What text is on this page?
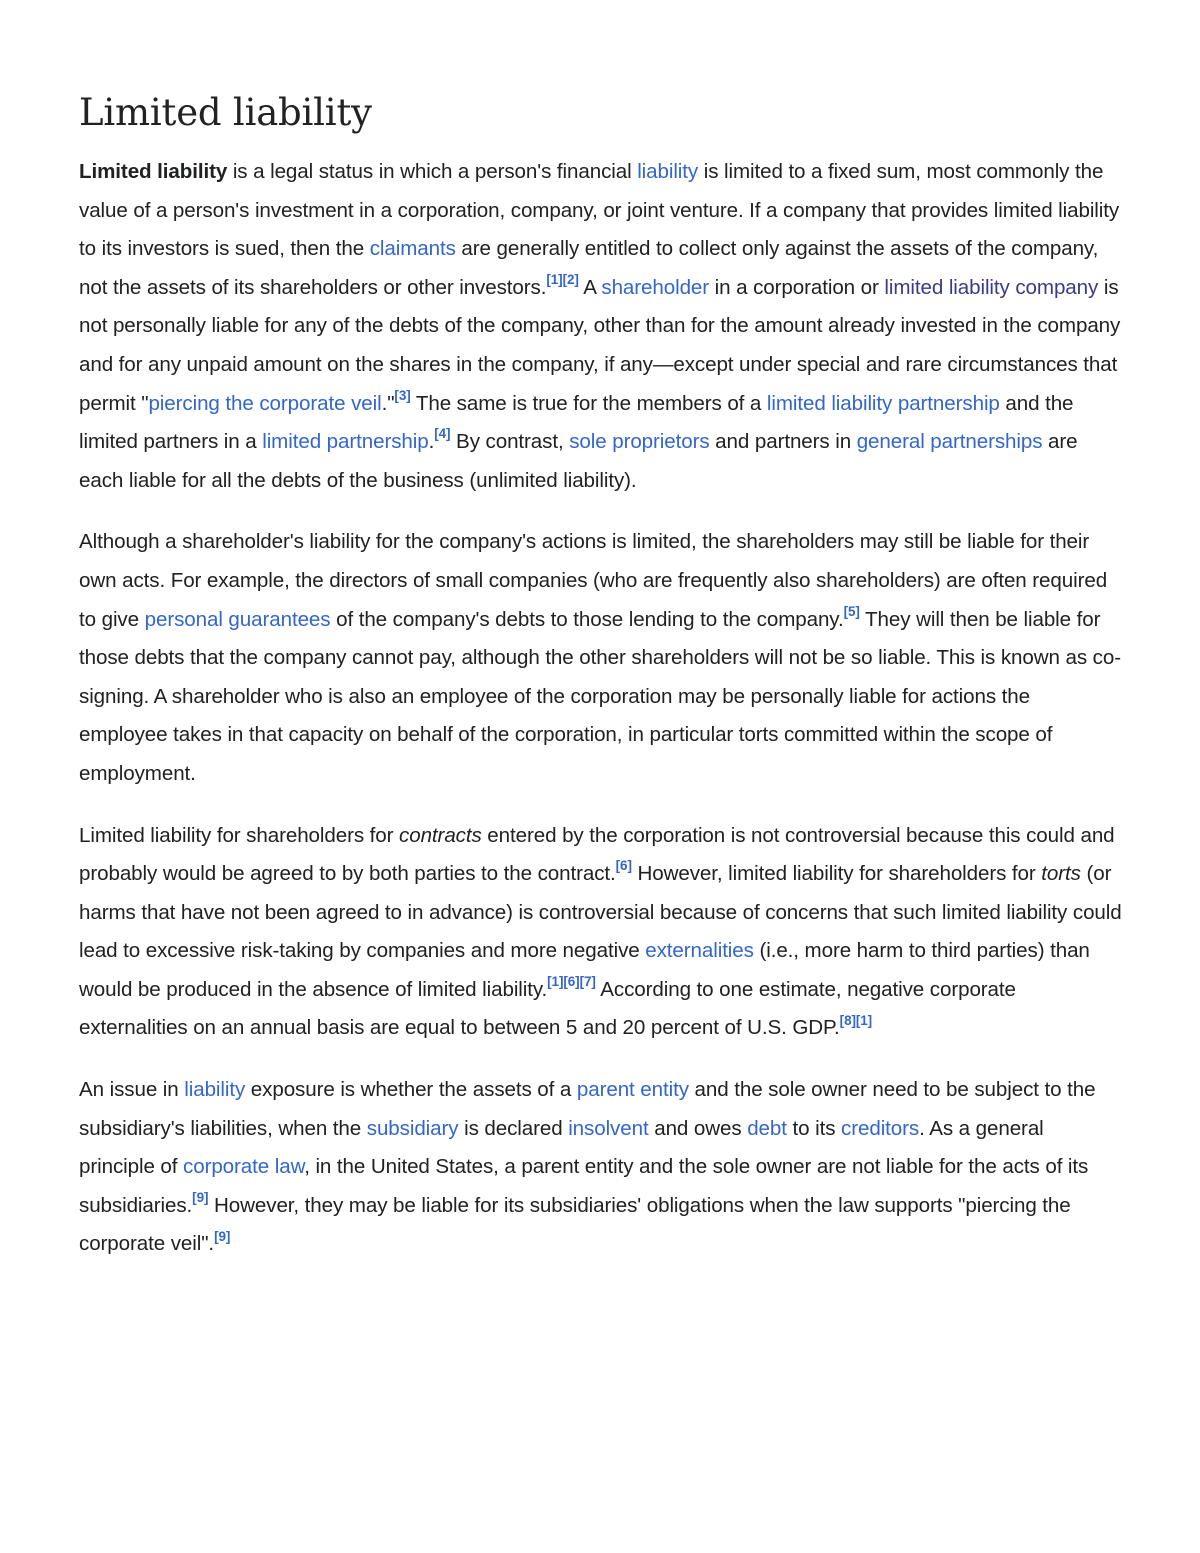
Limited liability

Limited liability is a legal status in which a person's financial liability is limited to a fixed sum, most commonly the value of a person's investment in a corporation, company, or joint venture. If a company that provides limited liability to its investors is sued, then the claimants are generally entitled to collect only against the assets of the company, not the assets of its shareholders or other investors.[1][2] A shareholder in a corporation or limited liability company is not personally liable for any of the debts of the company, other than for the amount already invested in the company and for any unpaid amount on the shares in the company, if any—except under special and rare circumstances that permit "piercing the corporate veil."[3] The same is true for the members of a limited liability partnership and the limited partners in a limited partnership.[4] By contrast, sole proprietors and partners in general partnerships are each liable for all the debts of the business (unlimited liability).

Although a shareholder's liability for the company's actions is limited, the shareholders may still be liable for their own acts. For example, the directors of small companies (who are frequently also shareholders) are often required to give personal guarantees of the company's debts to those lending to the company.[5] They will then be liable for those debts that the company cannot pay, although the other shareholders will not be so liable. This is known as co-signing. A shareholder who is also an employee of the corporation may be personally liable for actions the employee takes in that capacity on behalf of the corporation, in particular torts committed within the scope of employment.

Limited liability for shareholders for contracts entered by the corporation is not controversial because this could and probably would be agreed to by both parties to the contract.[6] However, limited liability for shareholders for torts (or harms that have not been agreed to in advance) is controversial because of concerns that such limited liability could lead to excessive risk-taking by companies and more negative externalities (i.e., more harm to third parties) than would be produced in the absence of limited liability.[1][6][7] According to one estimate, negative corporate externalities on an annual basis are equal to between 5 and 20 percent of U.S. GDP.[8][1]

An issue in liability exposure is whether the assets of a parent entity and the sole owner need to be subject to the subsidiary's liabilities, when the subsidiary is declared insolvent and owes debt to its creditors. As a general principle of corporate law, in the United States, a parent entity and the sole owner are not liable for the acts of its subsidiaries.[9] However, they may be liable for its subsidiaries' obligations when the law supports "piercing the corporate veil".[9]
